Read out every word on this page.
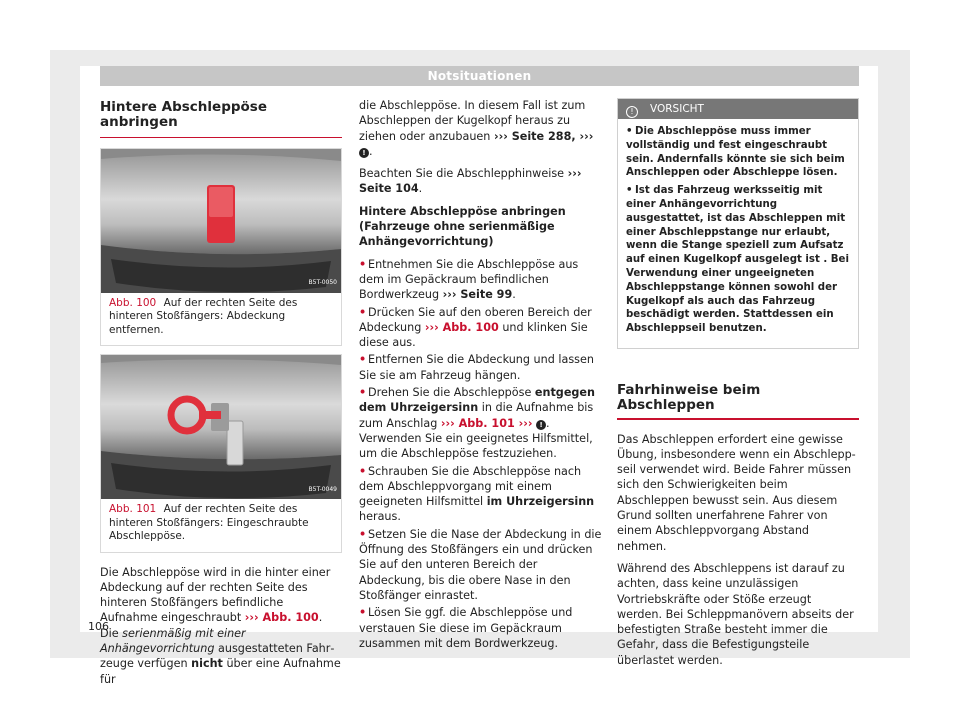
Notsituationen
Hintere Abschleppöse anbringen
B5T-0050
Abb. 100 Auf der rechten Seite des hinteren Stoßfängers: Abdeckung entfernen.
B5T-0049
Abb. 101 Auf der rechten Seite des hinteren Stoßfängers: Eingeschraubte Abschleppöse.

Die Abschleppöse wird in die hinter einer Abdeckung auf der rechten Seite des hinteren Stoßfängers befindliche Aufnahme eingeschraubt ››› Abb. 100. Die serienmäßig mit einer Anhängevorrichtung ausgestatteten Fahrzeuge verfügen nicht über eine Aufnahme für

die Abschleppöse. In diesem Fall ist zum Abschleppen der Kugelkopf heraus zu ziehen oder anzubauen ››› Seite 288, ››› ! .

Beachten Sie die Abschlepphinweise ››› Seite 104.

Hintere Abschleppöse anbringen (Fahrzeuge ohne serienmäßige Anhängevorrichtung)

• Entnehmen Sie die Abschleppöse aus dem im Gepäckraum befindlichen Bordwerkzeug ››› Seite 99.

• Drücken Sie auf den oberen Bereich der Abdeckung ››› Abb. 100 und klinken Sie diese aus.

• Entfernen Sie die Abdeckung und lassen Sie sie am Fahrzeug hängen.

• Drehen Sie die Abschleppöse entgegen dem Uhrzeigersinn in die Aufnahme bis zum Anschlag ››› Abb. 101 ››› ! . Verwenden Sie ein geeignetes Hilfsmittel, um die Abschleppöse festzuziehen.

• Schrauben Sie die Abschleppöse nach dem Abschleppvorgang mit einem geeigneten Hilfsmittel im Uhrzeigersinn heraus.

• Setzen Sie die Nase der Abdeckung in die Öffnung des Stoßfängers ein und drücken Sie auf den unteren Bereich der Abdeckung, bis die obere Nase in den Stoßfänger einrastet.

• Lösen Sie ggf. die Abschleppöse und verstauen Sie diese im Gepäckraum zusammen mit dem Bordwerkzeug.

! VORSICHT

• Die Abschleppöse muss immer vollständig und fest eingeschraubt sein. Andernfalls könnte sie sich beim Anschleppen oder Abschleppe lösen.

• Ist das Fahrzeug werksseitig mit einer Anhängevorrichtung ausgestattet, ist das Abschleppen mit einer Abschleppstange nur erlaubt, wenn die Stange speziell zum Aufsatz auf einen Kugelkopf ausgelegt ist . Bei Verwendung einer ungeeigneten Abschleppstange können sowohl der Kugelkopf als auch das Fahrzeug beschädigt werden. Stattdessen ein Abschleppseil benutzen.

Fahrhinweise beim Abschleppen

Das Abschleppen erfordert eine gewisse Übung, insbesondere wenn ein Abschleppseil verwendet wird. Beide Fahrer müssen sich den Schwierigkeiten beim Abschleppen bewusst sein. Aus diesem Grund sollten unerfahrene Fahrer von einem Abschleppvorgang Abstand nehmen.

Während des Abschleppens ist darauf zu achten, dass keine unzulässigen Vortriebskräfte oder Stöße erzeugt werden. Bei Schleppmanövern abseits der befestigten Straße besteht immer die Gefahr, dass die Befestigungsteile überlastet werden.

106
